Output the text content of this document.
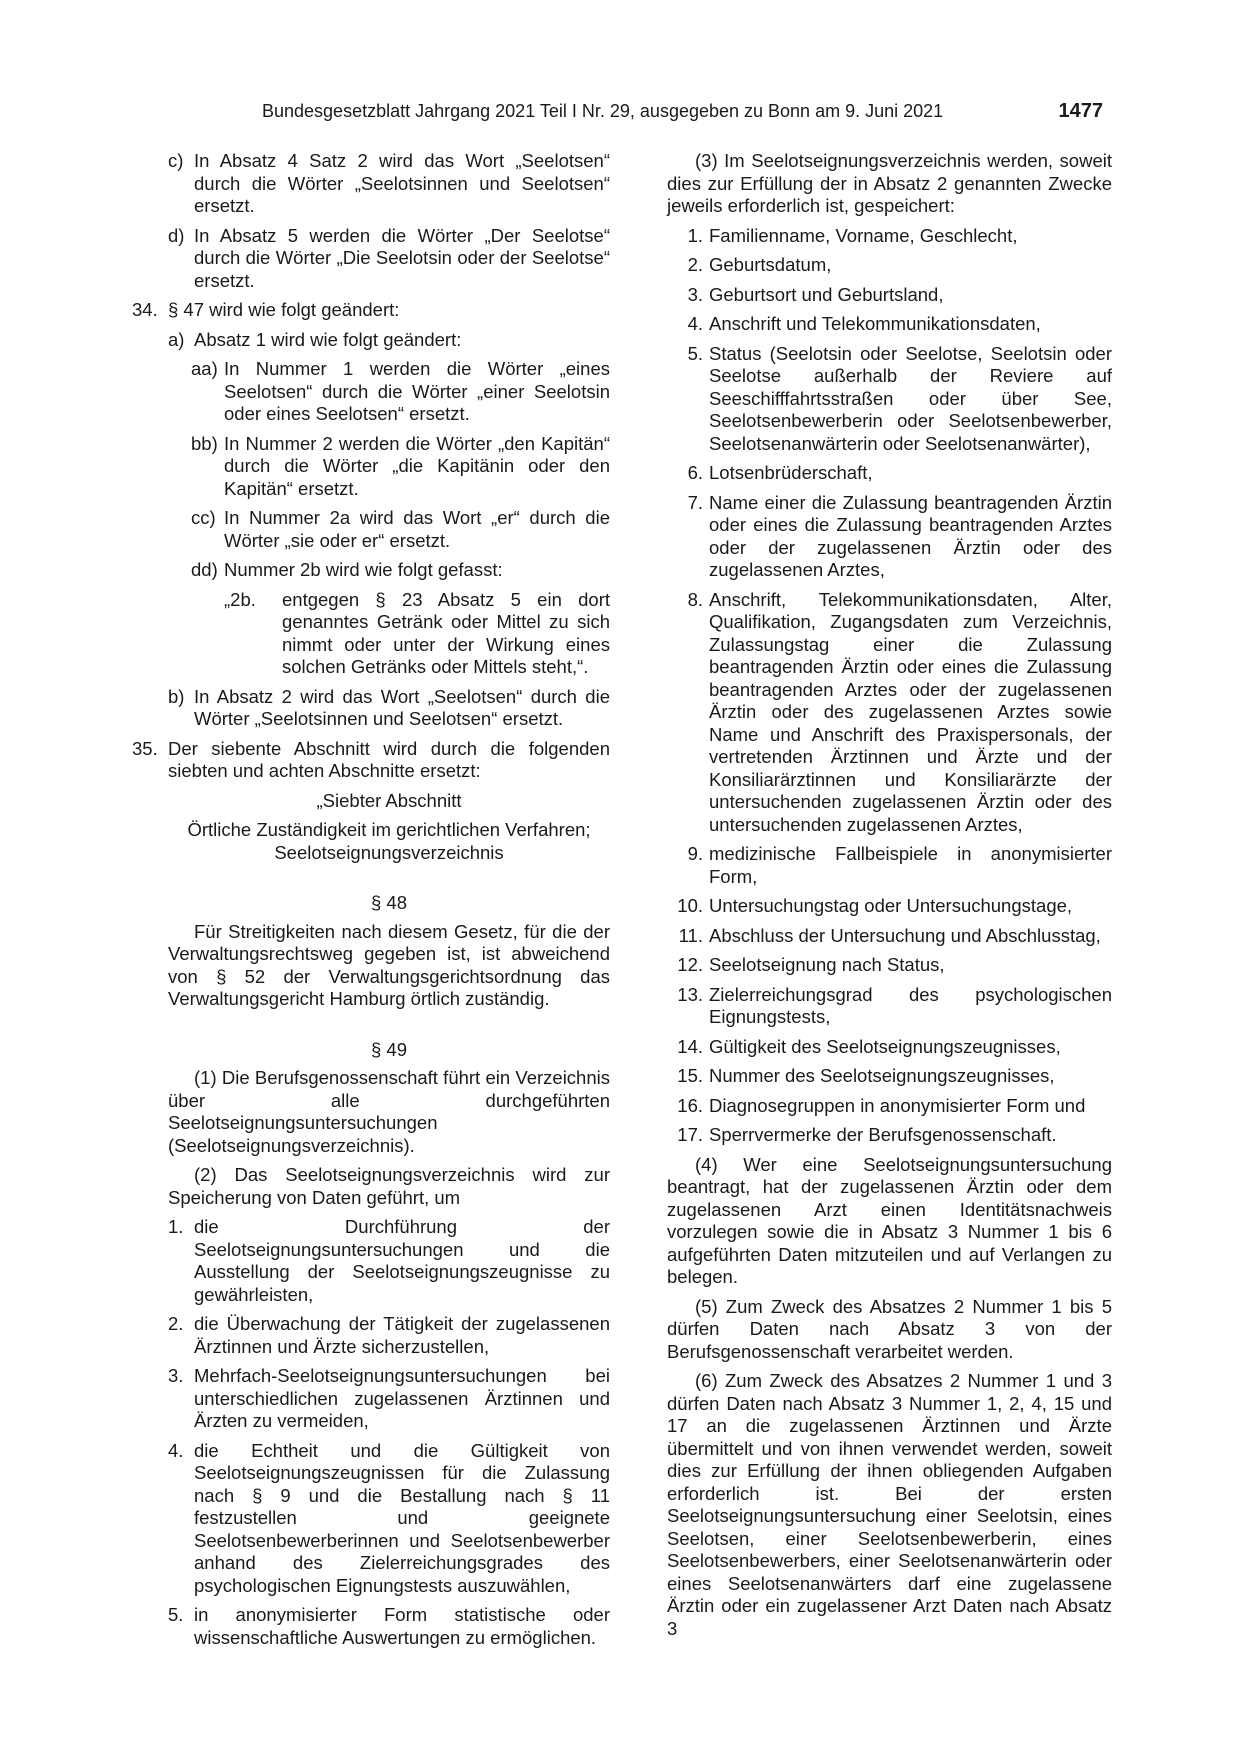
Bundesgesetzblatt Jahrgang 2021 Teil I Nr. 29, ausgegeben zu Bonn am 9. Juni 2021	1477
c) In Absatz 4 Satz 2 wird das Wort „Seelotsen“ durch die Wörter „Seelotsinnen und Seelotsen“ ersetzt.
d) In Absatz 5 werden die Wörter „Der Seelotse“ durch die Wörter „Die Seelotsin oder der Seelotse“ ersetzt.
34. § 47 wird wie folgt geändert:
a) Absatz 1 wird wie folgt geändert:
aa) In Nummer 1 werden die Wörter „eines Seelotsen“ durch die Wörter „einer Seelotsin oder eines Seelotsen“ ersetzt.
bb) In Nummer 2 werden die Wörter „den Kapitän“ durch die Wörter „die Kapitänin oder den Kapitän“ ersetzt.
cc) In Nummer 2a wird das Wort „er“ durch die Wörter „sie oder er“ ersetzt.
dd) Nummer 2b wird wie folgt gefasst:
„2b.	entgegen § 23 Absatz 5 ein dort genanntes Getränk oder Mittel zu sich nimmt oder unter der Wirkung eines solchen Getränks oder Mittels steht,“.
b) In Absatz 2 wird das Wort „Seelotsen“ durch die Wörter „Seelotsinnen und Seelotsen“ ersetzt.
35. Der siebente Abschnitt wird durch die folgenden siebten und achten Abschnitte ersetzt:
„Siebter Abschnitt
Örtliche Zuständigkeit im gerichtlichen Verfahren; Seelotseignungsverzeichnis
§ 48
Für Streitigkeiten nach diesem Gesetz, für die der Verwaltungsrechtsweg gegeben ist, ist abweichend von § 52 der Verwaltungsgerichtsordnung das Verwaltungsgericht Hamburg örtlich zuständig.
§ 49
(1) Die Berufsgenossenschaft führt ein Verzeichnis über alle durchgeführten Seelotseignungsuntersuchungen (Seelotseignungsverzeichnis).
(2) Das Seelotseignungsverzeichnis wird zur Speicherung von Daten geführt, um
1. die Durchführung der Seelotseignungsuntersuchungen und die Ausstellung der Seelotseignungszeugnisse zu gewährleisten,
2. die Überwachung der Tätigkeit der zugelassenen Ärztinnen und Ärzte sicherzustellen,
3. Mehrfach-Seelotseignungsuntersuchungen bei unterschiedlichen zugelassenen Ärztinnen und Ärzten zu vermeiden,
4. die Echtheit und die Gültigkeit von Seelotseignungszeugnissen für die Zulassung nach § 9 und die Bestallung nach § 11 festzustellen und geeignete Seelotsenbewerberinnen und Seelotsenbewerber anhand des Zielerreichungsgrades des psychologischen Eignungstests auszuwählen,
5. in anonymisierter Form statistische oder wissenschaftliche Auswertungen zu ermöglichen.
(3) Im Seelotseignungsverzeichnis werden, soweit dies zur Erfüllung der in Absatz 2 genannten Zwecke jeweils erforderlich ist, gespeichert:
1. Familienname, Vorname, Geschlecht,
2. Geburtsdatum,
3. Geburtsort und Geburtsland,
4. Anschrift und Telekommunikationsdaten,
5. Status (Seelotsin oder Seelotse, Seelotsin oder Seelotse außerhalb der Reviere auf Seeschifffahrtsstraßen oder über See, Seelotsenbewerberin oder Seelotsenbewerber, Seelotsenanwärterin oder Seelotsenanwärter),
6. Lotsenbrüderschaft,
7. Name einer die Zulassung beantragenden Ärztin oder eines die Zulassung beantragenden Arztes oder der zugelassenen Ärztin oder des zugelassenen Arztes,
8. Anschrift, Telekommunikationsdaten, Alter, Qualifikation, Zugangsdaten zum Verzeichnis, Zulassungstag einer die Zulassung beantragenden Ärztin oder eines die Zulassung beantragenden Arztes oder der zugelassenen Ärztin oder des zugelassenen Arztes sowie Name und Anschrift des Praxispersonals, der vertretenden Ärztinnen und Ärzte und der Konsiliarärztinnen und Konsiliarärzte der untersuchenden zugelassenen Ärztin oder des untersuchenden zugelassenen Arztes,
9. medizinische Fallbeispiele in anonymisierter Form,
10. Untersuchungstag oder Untersuchungstage,
11. Abschluss der Untersuchung und Abschlusstag,
12. Seelotseignung nach Status,
13. Zielerreichungsgrad des psychologischen Eignungstests,
14. Gültigkeit des Seelotseignungszeugnisses,
15. Nummer des Seelotseignungszeugnisses,
16. Diagnosegruppen in anonymisierter Form und
17. Sperrvermerke der Berufsgenossenschaft.
(4) Wer eine Seelotseignungsuntersuchung beantragt, hat der zugelassenen Ärztin oder dem zugelassenen Arzt einen Identitätsnachweis vorzulegen sowie die in Absatz 3 Nummer 1 bis 6 aufgeführten Daten mitzuteilen und auf Verlangen zu belegen.
(5) Zum Zweck des Absatzes 2 Nummer 1 bis 5 dürfen Daten nach Absatz 3 von der Berufsgenossenschaft verarbeitet werden.
(6) Zum Zweck des Absatzes 2 Nummer 1 und 3 dürfen Daten nach Absatz 3 Nummer 1, 2, 4, 15 und 17 an die zugelassenen Ärztinnen und Ärzte übermittelt und von ihnen verwendet werden, soweit dies zur Erfüllung der ihnen obliegenden Aufgaben erforderlich ist. Bei der ersten Seelotseignungsuntersuchung einer Seelotsin, eines Seelotsen, einer Seelotsenbewerberin, eines Seelotsenbewerbers, einer Seelotsenanwärterin oder eines Seelotsenanwärters darf eine zugelassene Ärztin oder ein zugelassener Arzt Daten nach Absatz 3
